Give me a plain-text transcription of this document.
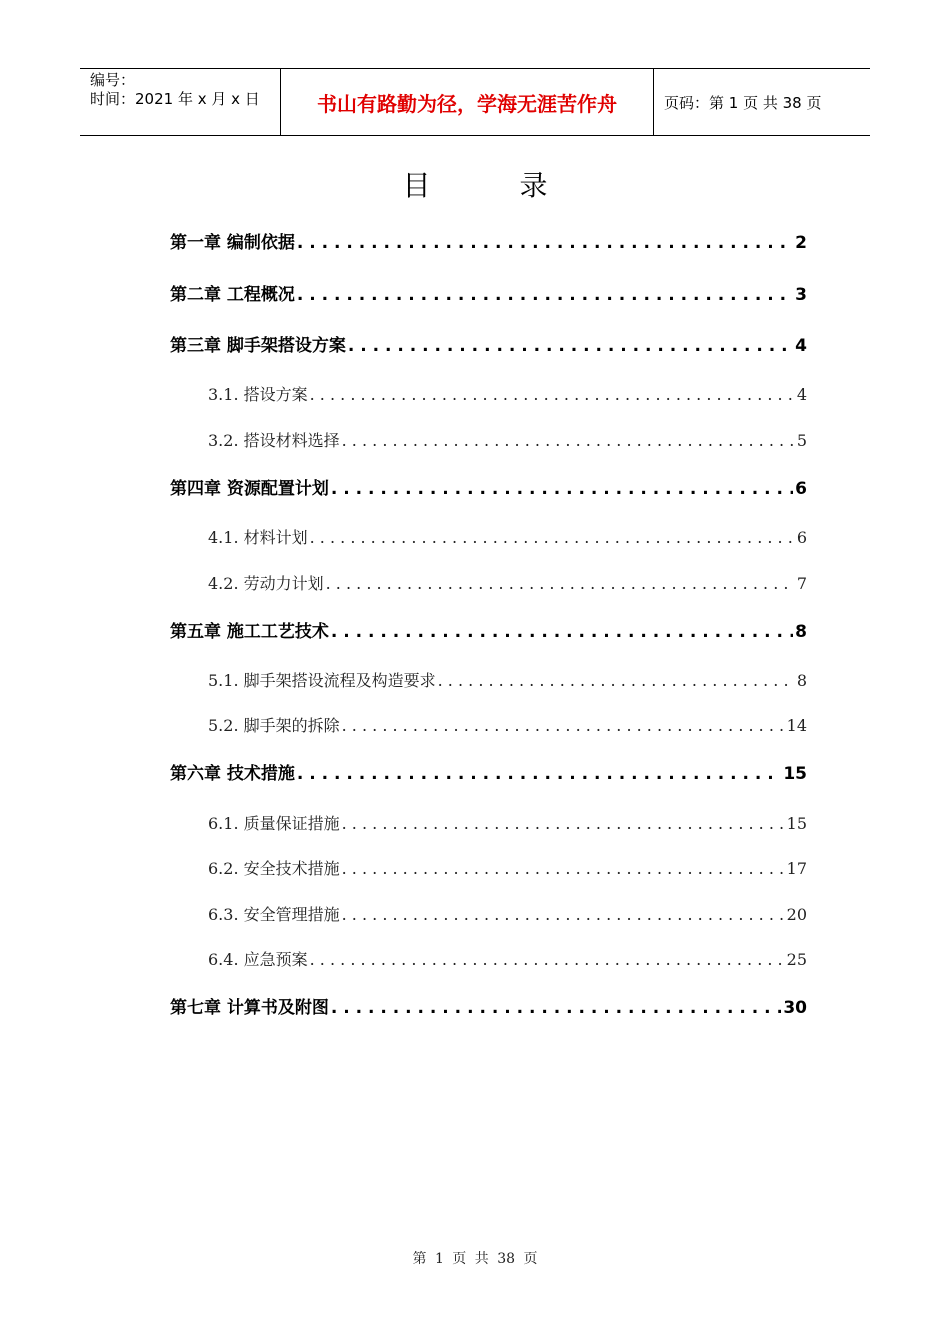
编号：
时间：2021 年 x 月 x 日	书山有路勤为径，学海无涯苦作舟	页码：第 1 页 共 38 页
目 录
第一章 编制依据 . . .	2
第二章 工程概况 . . .	3
第三章 脚手架搭设方案 . . .	4
3.1. 搭设方案 . . .	4
3.2. 搭设材料选择 . . .	5
第四章 资源配置计划 . . .	6
4.1. 材料计划 . . .	6
4.2. 劳动力计划 . . .	7
第五章 施工工艺技术 . . .	8
5.1. 脚手架搭设流程及构造要求 . . .	8
5.2. 脚手架的拆除 . . .	14
第六章 技术措施 . . .	15
6.1. 质量保证措施 . . .	15
6.2. 安全技术措施 . . .	17
6.3. 安全管理措施 . . .	20
6.4. 应急预案 . . .	25
第七章 计算书及附图 . . .	30
第 1 页 共 38 页
